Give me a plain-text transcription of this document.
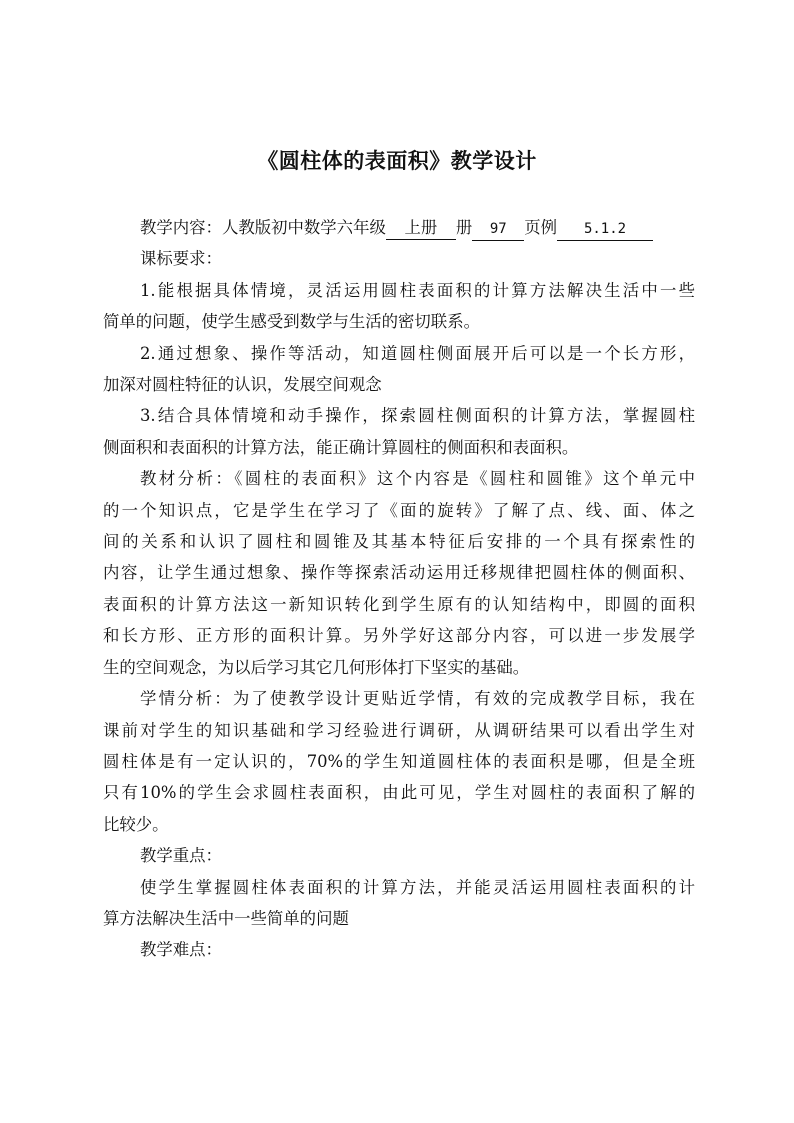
《圆柱体的表面积》教学设计
教学内容：人教版初中数学六年级 上册 册 97 页例 5.1.2
课标要求：
1.能根据具体情境，灵活运用圆柱表面积的计算方法解决生活中一些
简单的问题，使学生感受到数学与生活的密切联系。
2.通过想象、操作等活动，知道圆柱侧面展开后可以是一个长方形，
加深对圆柱特征的认识，发展空间观念
3.结合具体情境和动手操作，探索圆柱侧面积的计算方法，掌握圆柱
侧面积和表面积的计算方法，能正确计算圆柱的侧面积和表面积。
教材分析：《圆柱的表面积》这个内容是《圆柱和圆锥》这个单元中
的一个知识点，它是学生在学习了《面的旋转》了解了点、线、面、体之
间的关系和认识了圆柱和圆锥及其基本特征后安排的一个具有探索性的
内容，让学生通过想象、操作等探索活动运用迁移规律把圆柱体的侧面积、
表面积的计算方法这一新知识转化到学生原有的认知结构中，即圆的面积
和长方形、正方形的面积计算。另外学好这部分内容，可以进一步发展学
生的空间观念，为以后学习其它几何形体打下坚实的基础。
学情分析：为了使教学设计更贴近学情，有效的完成教学目标，我在
课前对学生的知识基础和学习经验进行调研，从调研结果可以看出学生对
圆柱体是有一定认识的，70%的学生知道圆柱体的表面积是哪，但是全班
只有10%的学生会求圆柱表面积，由此可见，学生对圆柱的表面积了解的
比较少。
教学重点：
使学生掌握圆柱体表面积的计算方法，并能灵活运用圆柱表面积的计
算方法解决生活中一些简单的问题
教学难点：
